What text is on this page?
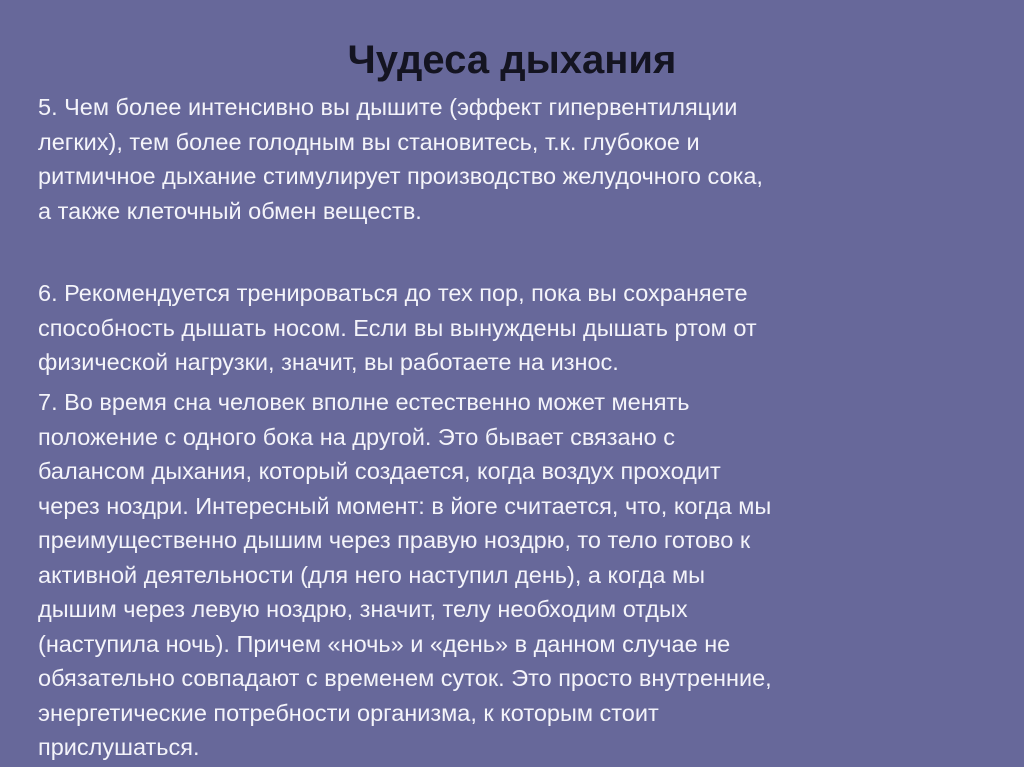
Чудеса дыхания

5. Чем более интенсивно вы дышите (эффект гипервентиляции
легких), тем более голодным вы становитесь, т.к. глубокое и
ритмичное дыхание стимулирует производство желудочного сока,
а также клеточный обмен веществ.

6. Рекомендуется тренироваться до тех пор, пока вы сохраняете
способность дышать носом. Если вы вынуждены дышать ртом от
физической нагрузки, значит, вы работаете на износ.

7. Во время сна человек вполне естественно может менять
положение с одного бока на другой. Это бывает связано с
балансом дыхания, который создается, когда воздух проходит
через ноздри. Интересный момент: в йоге считается, что, когда мы
преимущественно дышим через правую ноздрю, то тело готово к
активной деятельности (для него наступил день), а когда мы
дышим через левую ноздрю, значит, телу необходим отдых
(наступила ночь). Причем «ночь» и «день» в данном случае не
обязательно совпадают с временем суток. Это просто внутренние,
энергетические потребности организма, к которым стоит
прислушаться.
